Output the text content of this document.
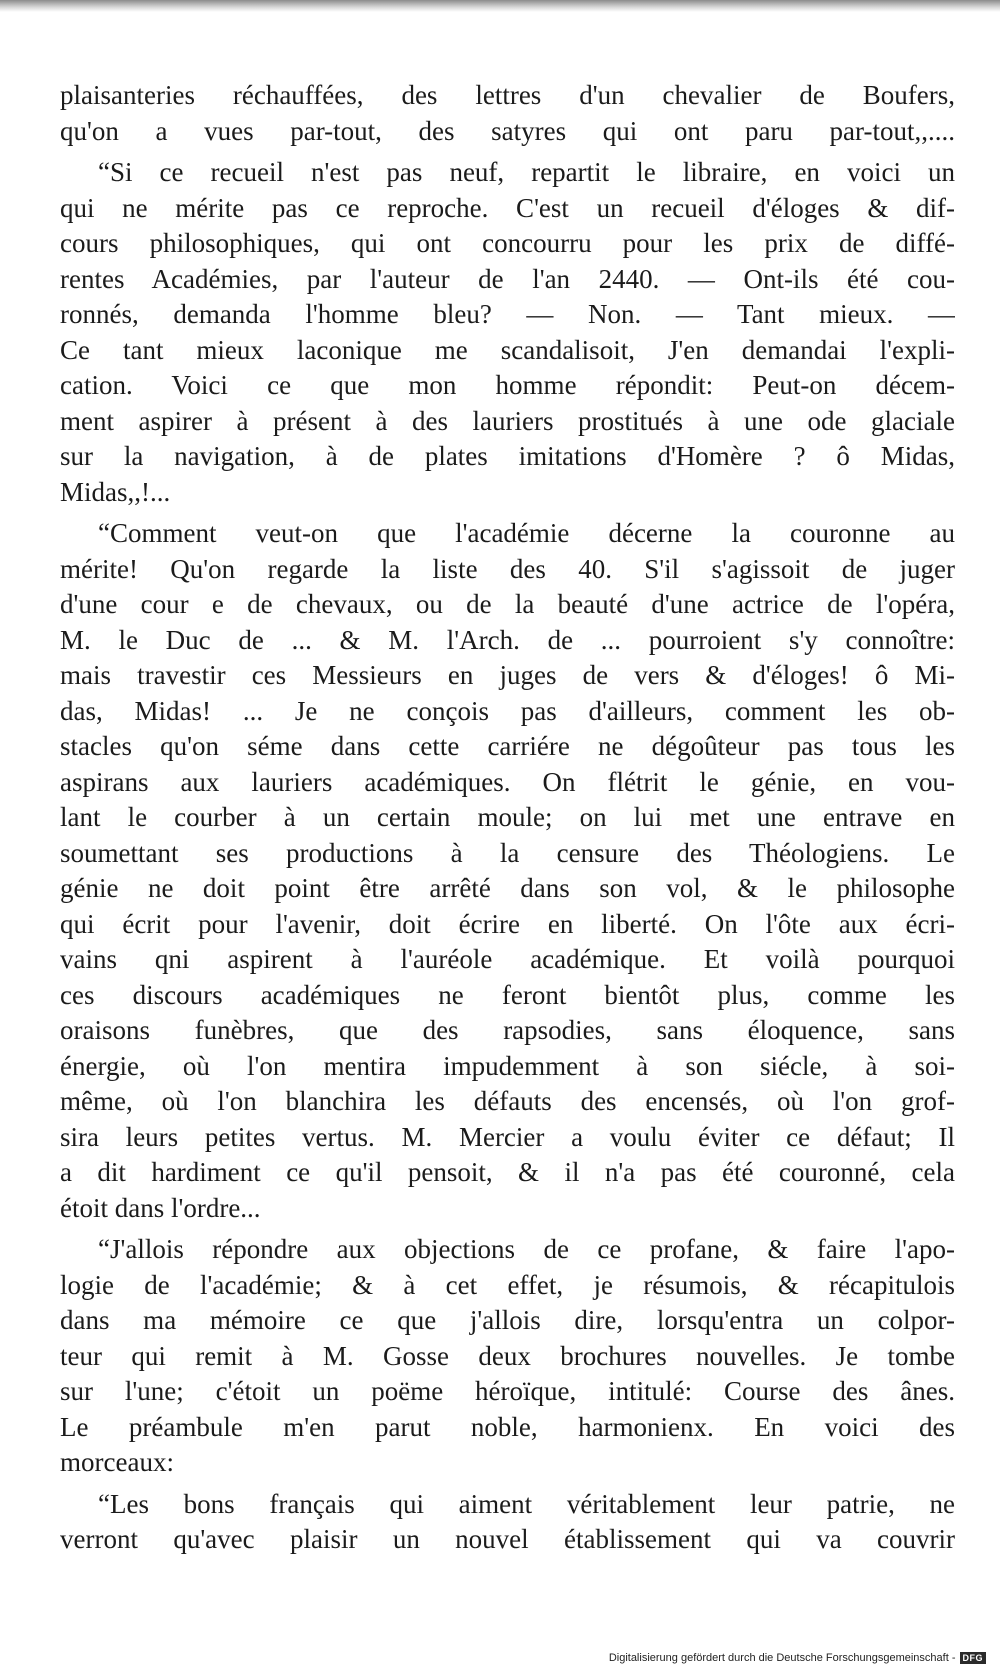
plaisanteries réchauffées, des lettres d'un chevalier de Boufers,
qu'on a vues par-tout, des satyres qui ont paru par-tout,,....
“Si ce recueil n'est pas neuf, repartit le libraire, en voici un
qui ne mérite pas ce reproche. C'est un recueil d'éloges & dif-
cours philosophiques, qui ont concourru pour les prix de diffé-
rentes Académies, par l'auteur de l'an 2440. — Ont-ils été cou-
ronnés, demanda l'homme bleu? — Non. — Tant mieux. —
Ce tant mieux laconique me scandalisoit, J'en demandai l'expli-
cation. Voici ce que mon homme répondit: Peut-on décem-
ment aspirer à présent à des lauriers prostitués à une ode glaciale
sur la navigation, à de plates imitations d'Homère ? ô Midas,
Midas,,!...
“Comment veut-on que l'académie décerne la couronne au
mérite! Qu'on regarde la liste des 40. S'il s'agissoit de juger
d'une cour e de chevaux, ou de la beauté d'une actrice de l'opéra,
M. le Duc de ... & M. l'Arch. de ... pourroient s'y connoître:
mais travestir ces Messieurs en juges de vers & d'éloges! ô Mi-
das, Midas! ... Je ne conçois pas d'ailleurs, comment les ob-
stacles qu'on séme dans cette carriére ne dégoûteur pas tous les
aspirans aux lauriers académiques. On flétrit le génie, en vou-
lant le courber à un certain moule; on lui met une entrave en
soumettant ses productions à la censure des Théologiens. Le
génie ne doit point être arrêté dans son vol, & le philosophe
qui écrit pour l'avenir, doit écrire en liberté. On l'ôte aux écri-
vains qni aspirent à l'auréole académique. Et voilà pourquoi
ces discours académiques ne feront bientôt plus, comme les
oraisons funèbres, que des rapsodies, sans éloquence, sans
énergie, où l'on mentira impudemment à son siécle, à soi-
même, où l'on blanchira les défauts des encensés, où l'on grof-
sira leurs petites vertus. M. Mercier a voulu éviter ce défaut; Il
a dit hardiment ce qu'il pensoit, & il n'a pas été couronné, cela
étoit dans l'ordre...
“J'allois répondre aux objections de ce profane, & faire l'apo-
logie de l'académie; & à cet effet, je résumois, & récapitulois
dans ma mémoire ce que j'allois dire, lorsqu'entra un colpor-
teur qui remit à M. Gosse deux brochures nouvelles. Je tombe
sur l'une; c'étoit un poëme héroïque, intitulé: Course des ânes.
Le préambule m'en parut noble, harmonienx. En voici des
morceaux:
“Les bons français qui aiment véritablement leur patrie, ne
verront qu'avec plaisir un nouvel établissement qui va couvrir
Digitalisierung gefördert durch die Deutsche Forschungsgemeinschaft - DFG
